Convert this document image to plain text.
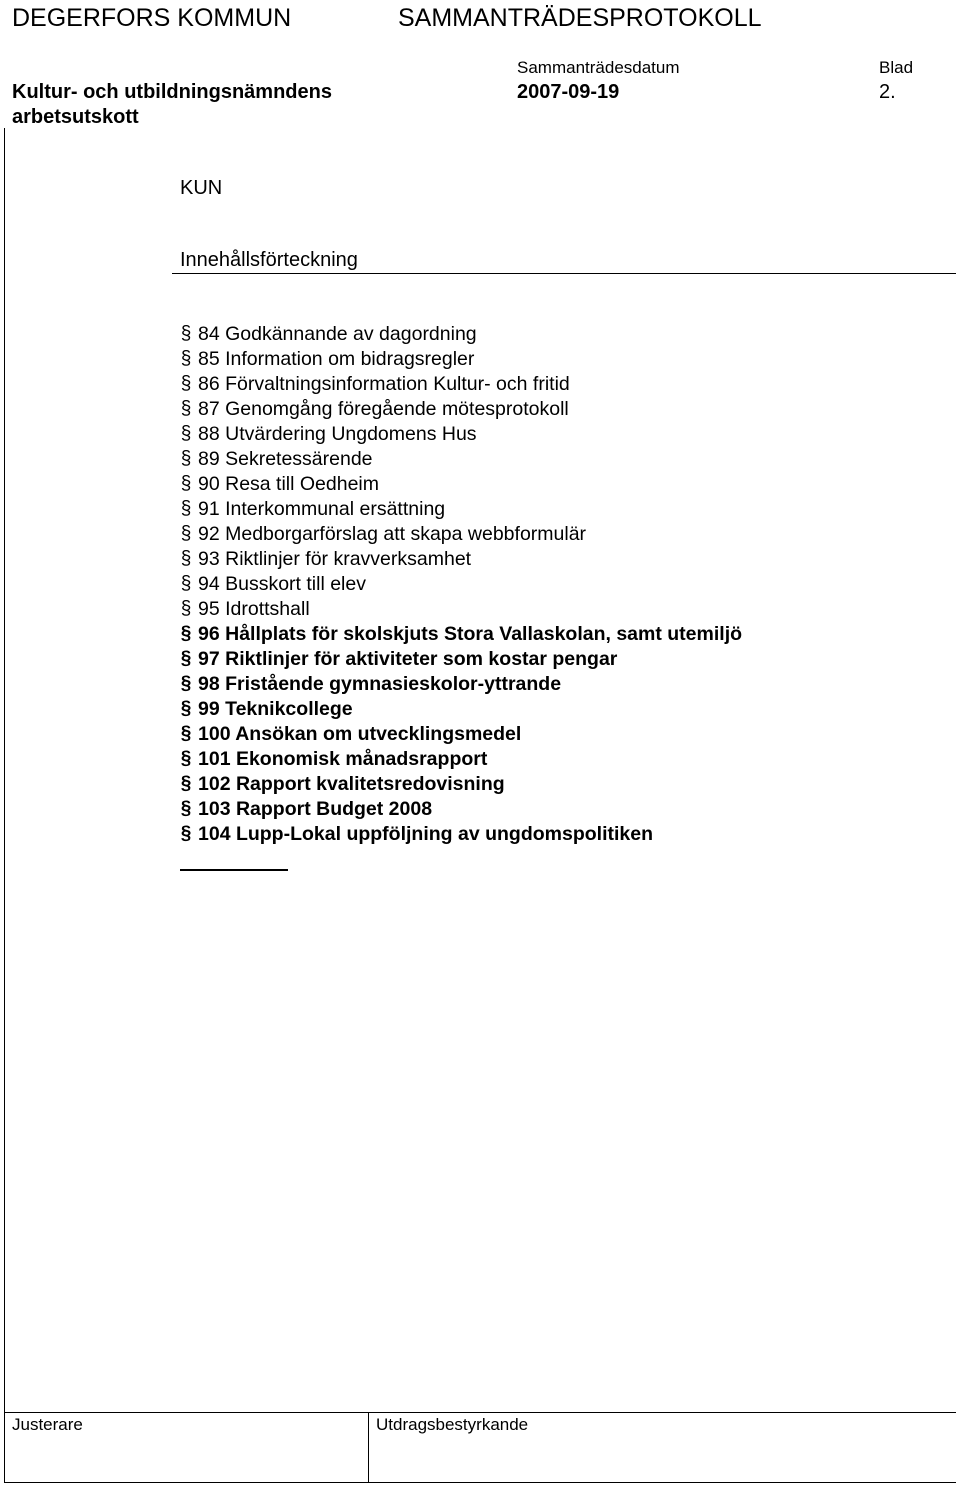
DEGERFORS KOMMUN	SAMMANTRÄDESPROTOKOLL
Kultur- och utbildningsnämndens
arbetsutskott
Sammanträdesdatum
2007-09-19
Blad
2.
KUN
Innehållsförteckning
§ 84 Godkännande av dagordning
§ 85 Information om bidragsregler
§ 86 Förvaltningsinformation Kultur- och fritid
§ 87 Genomgång föregående mötesprotokoll
§ 88 Utvärdering Ungdomens Hus
§ 89 Sekretessärende
§ 90 Resa till Oedheim
§ 91 Interkommunal ersättning
§ 92 Medborgarförslag att skapa webbformulär
§ 93 Riktlinjer för kravverksamhet
§ 94 Busskort till elev
§ 95 Idrottshall
§ 96 Hållplats för skolskjuts Stora Vallaskolan, samt utemiljö
§ 97 Riktlinjer för aktiviteter som kostar pengar
§ 98 Fristående gymnasieskolor-yttrande
§ 99 Teknikcollege
§ 100 Ansökan om utvecklingsmedel
§ 101 Ekonomisk månadsrapport
§ 102 Rapport kvalitetsredovisning
§ 103 Rapport Budget 2008
§ 104 Lupp-Lokal uppföljning av ungdomspolitiken
Justerare	Utdragsbestyrkande
